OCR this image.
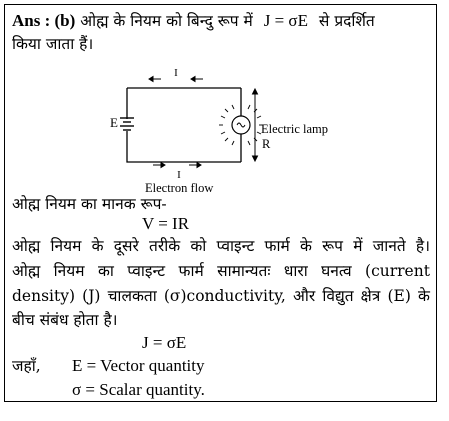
Ans : (b) ओह्म के नियम को बिन्दु रूप में J = σE से प्रदर्शित
किया जाता हैं।
I
I
E	Electric lamp
R
Electron flow
ओह्म नियम का मानक रूप-
V = IR
ओह्म नियम के दूसरे तरीके को प्वाइन्ट फार्म के रूप में जानते है।
ओह्म नियम का प्वाइन्ट फार्म सामान्यतः धारा घनत्व (current
density) (J) चालकता (σ)conductivity, और विद्युत क्षेत्र (E) के
बीच संबंध होता है।
J = σE
जहाँ, E = Vector quantity
σ = Scalar quantity.
